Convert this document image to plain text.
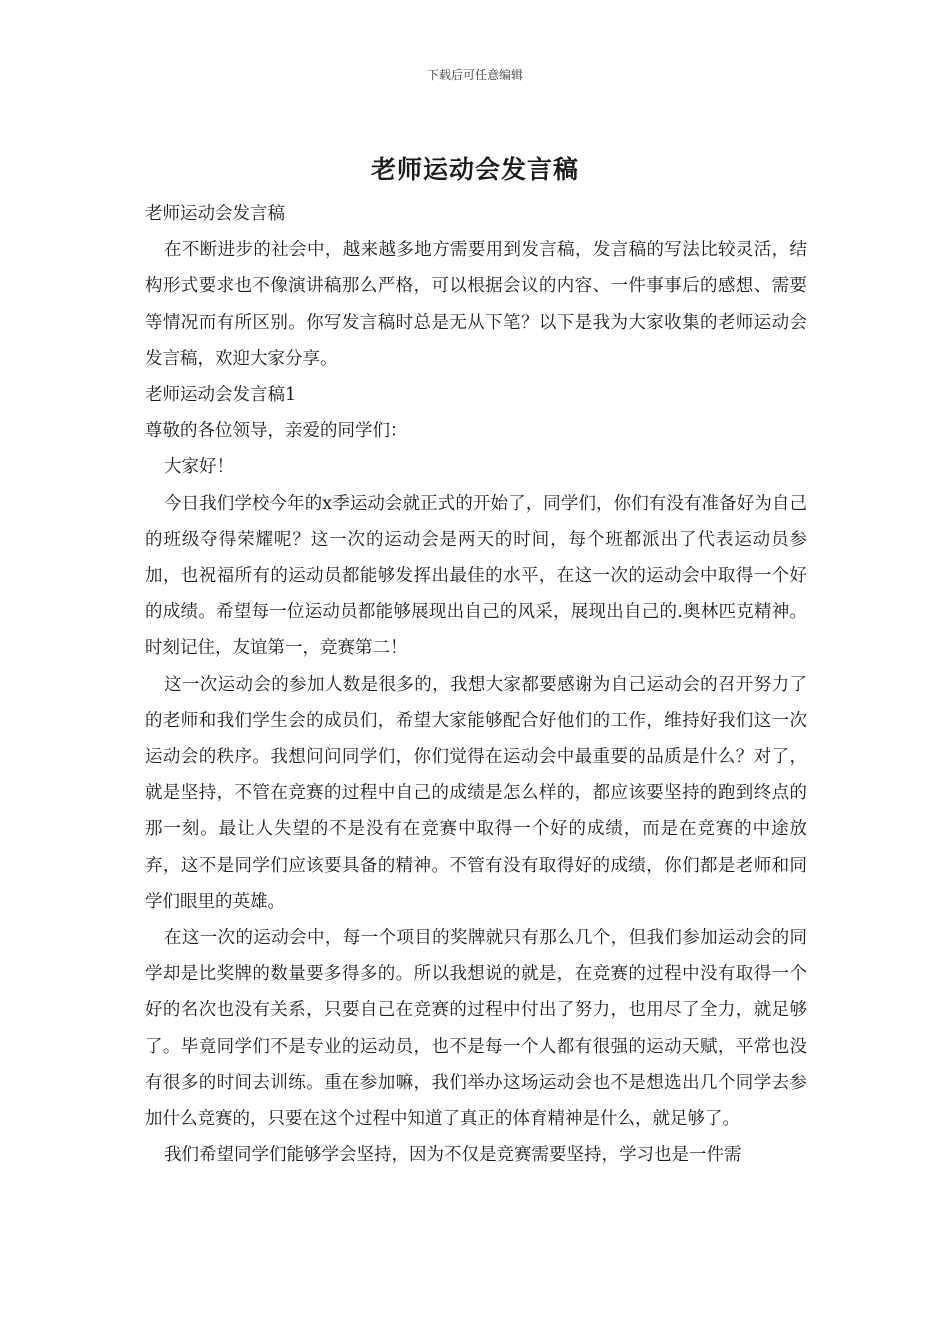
下载后可任意编辑
老师运动会发言稿

老师运动会发言稿

在不断进步的社会中，越来越多地方需要用到发言稿，发言稿的写法比较灵活，结构形式要求也不像演讲稿那么严格，可以根据会议的内容、一件事事后的感想、需要等情况而有所区别。你写发言稿时总是无从下笔？以下是我为大家收集的老师运动会发言稿，欢迎大家分享。

老师运动会发言稿1

尊敬的各位领导，亲爱的同学们：

大家好！

今日我们学校今年的x季运动会就正式的开始了，同学们，你们有没有准备好为自己的班级夺得荣耀呢？这一次的运动会是两天的时间，每个班都派出了代表运动员参加，也祝福所有的运动员都能够发挥出最佳的水平，在这一次的运动会中取得一个好的成绩。希望每一位运动员都能够展现出自己的风采，展现出自己的.奥林匹克精神。时刻记住，友谊第一，竞赛第二！

这一次运动会的参加人数是很多的，我想大家都要感谢为自己运动会的召开努力了的老师和我们学生会的成员们，希望大家能够配合好他们的工作，维持好我们这一次运动会的秩序。我想问问同学们，你们觉得在运动会中最重要的品质是什么？对了，就是坚持，不管在竞赛的过程中自己的成绩是怎么样的，都应该要坚持的跑到终点的那一刻。最让人失望的不是没有在竞赛中取得一个好的成绩，而是在竞赛的中途放弃，这不是同学们应该要具备的精神。不管有没有取得好的成绩，你们都是老师和同学们眼里的英雄。

在这一次的运动会中，每一个项目的奖牌就只有那么几个，但我们参加运动会的同学却是比奖牌的数量要多得多的。所以我想说的就是，在竞赛的过程中没有取得一个好的名次也没有关系，只要自己在竞赛的过程中付出了努力，也用尽了全力，就足够了。毕竟同学们不是专业的运动员，也不是每一个人都有很强的运动天赋，平常也没有很多的时间去训练。重在参加嘛，我们举办这场运动会也不是想选出几个同学去参加什么竞赛的，只要在这个过程中知道了真正的体育精神是什么，就足够了。

我们希望同学们能够学会坚持，因为不仅是竞赛需要坚持，学习也是一件需
